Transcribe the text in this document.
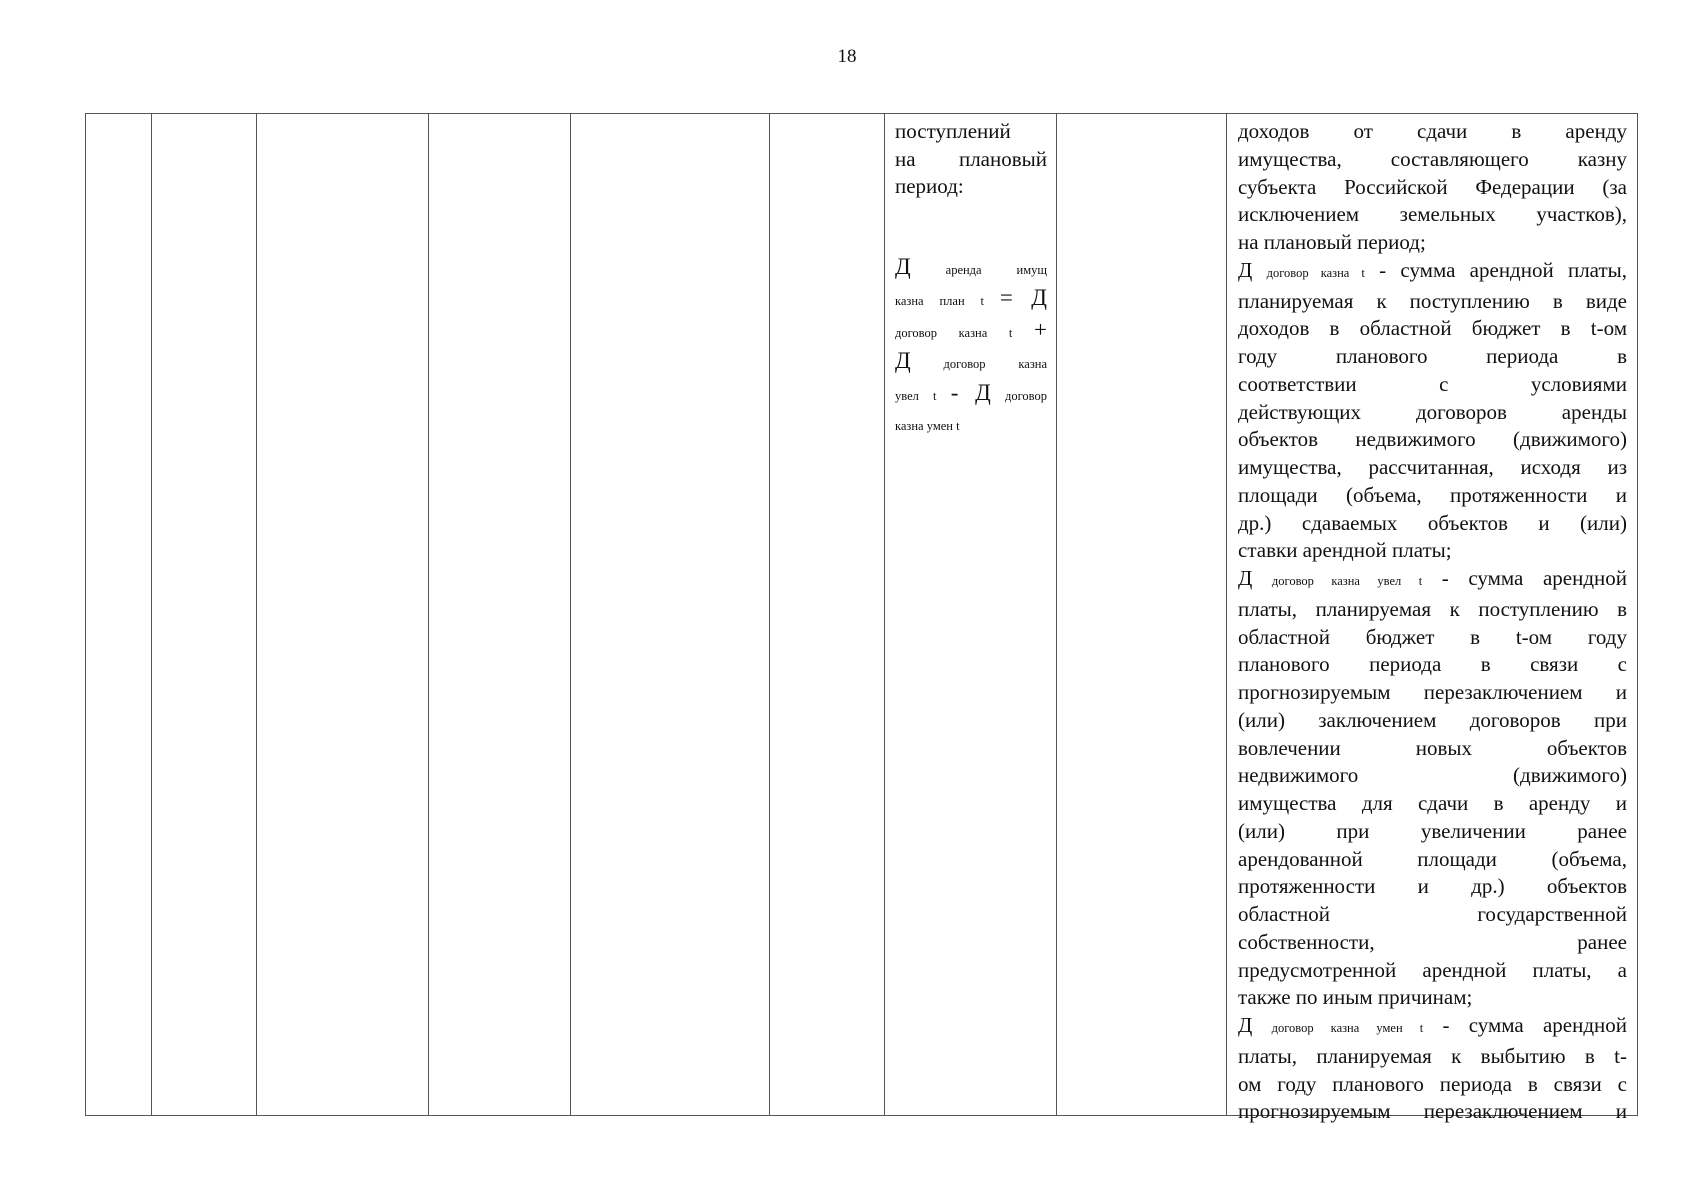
18
поступлений
на плановый
период:
Д аренда имущ
казна план t = Д
договор казна t +
Д договор казна
увел t - Д договор
казна умен t
доходов от сдачи в аренду
имущества, составляющего казну
субъекта Российской Федерации (за
исключением земельных участков),
на плановый период;
Д договор казна t - сумма арендной платы,
планируемая к поступлению в виде
доходов в областной бюджет в t-ом
году планового периода в
соответствии с условиями
действующих договоров аренды
объектов недвижимого (движимого)
имущества, рассчитанная, исходя из
площади (объема, протяженности и
др.) сдаваемых объектов и (или)
ставки арендной платы;
Д договор казна увел t - сумма арендной
платы, планируемая к поступлению в
областной бюджет в t-ом году
планового периода в связи с
прогнозируемым перезаключением и
(или) заключением договоров при
вовлечении новых объектов
недвижимого (движимого)
имущества для сдачи в аренду и
(или) при увеличении ранее
арендованной площади (объема,
протяженности и др.) объектов
областной государственной
собственности, ранее
предусмотренной арендной платы, а
также по иным причинам;
Д договор казна умен t - сумма арендной
платы, планируемая к выбытию в t-
ом году планового периода в связи с
прогнозируемым перезаключением и
